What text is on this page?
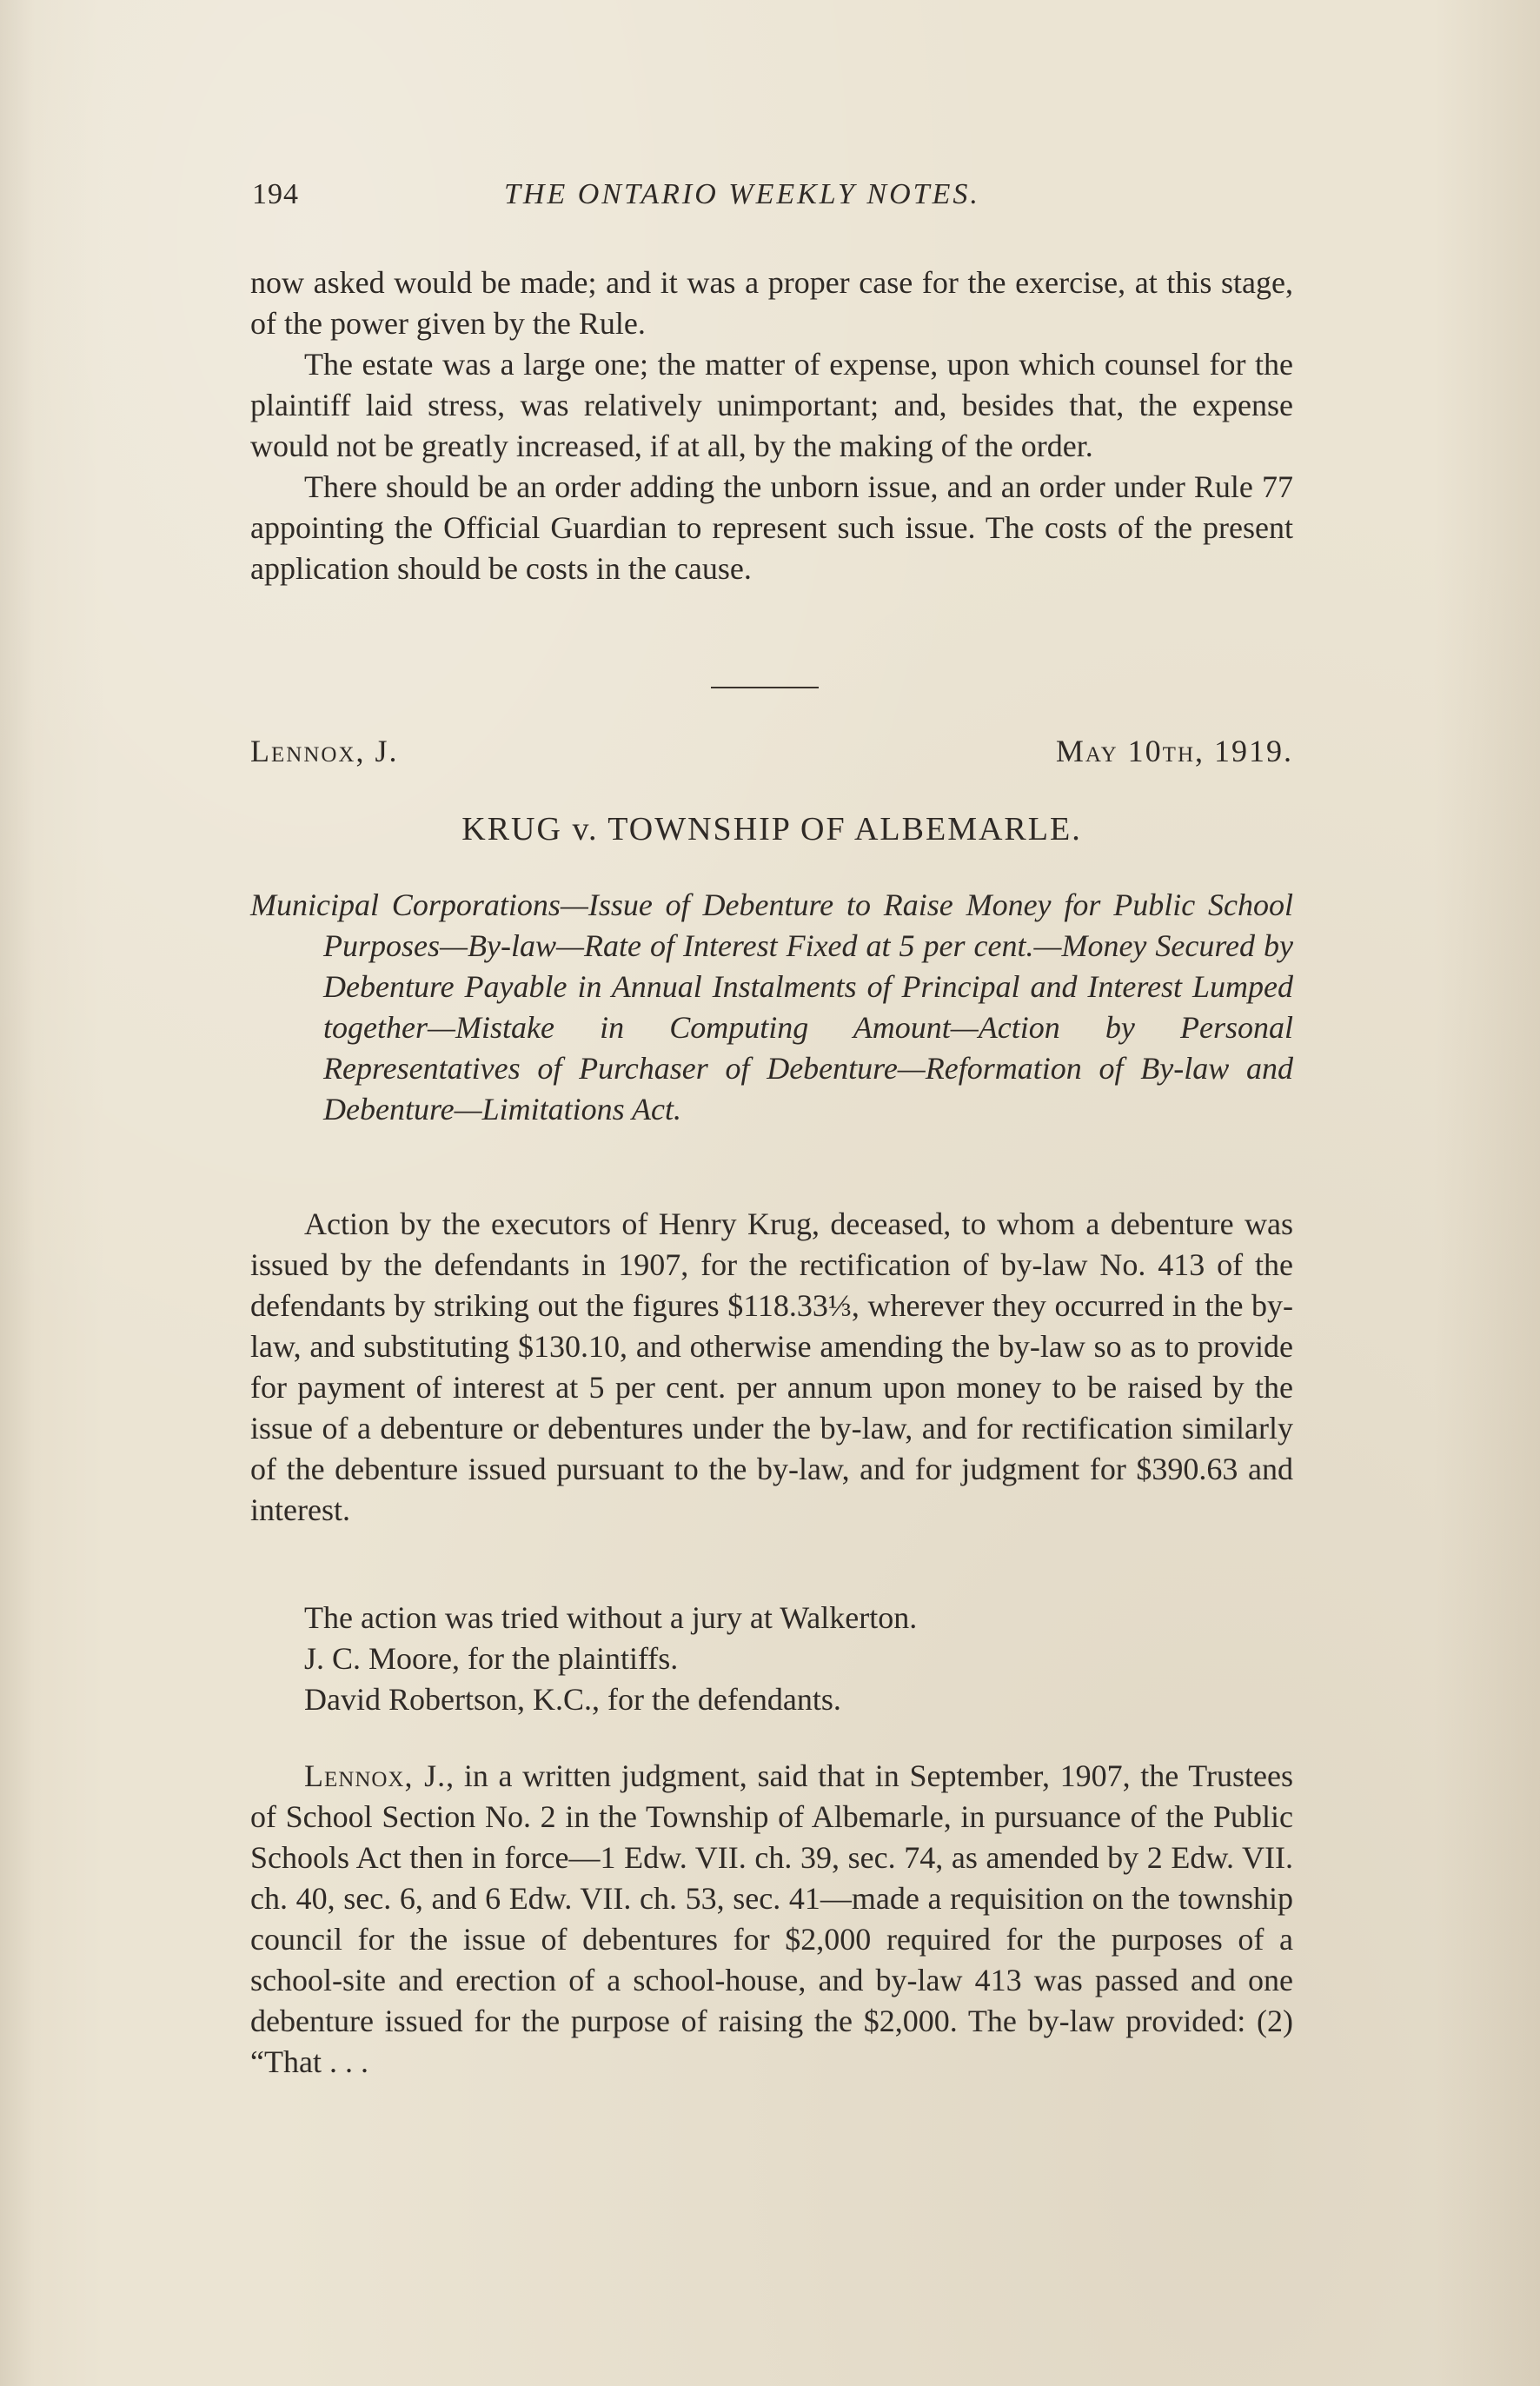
194	THE ONTARIO WEEKLY NOTES.

now asked would be made; and it was a proper case for the exercise, at this stage, of the power given by the Rule.

The estate was a large one; the matter of expense, upon which counsel for the plaintiff laid stress, was relatively unimportant; and, besides that, the expense would not be greatly increased, if at all, by the making of the order.

There should be an order adding the unborn issue, and an order under Rule 77 appointing the Official Guardian to represent such issue. The costs of the present application should be costs in the cause.

Lennox, J.	May 10th, 1919.
KRUG v. TOWNSHIP OF ALBEMARLE.
Municipal Corporations—Issue of Debenture to Raise Money for Public School Purposes—By-law—Rate of Interest Fixed at 5 per cent.—Money Secured by Debenture Payable in Annual Instalments of Principal and Interest Lumped together—Mistake in Computing Amount—Action by Personal Representatives of Purchaser of Debenture—Reformation of By-law and Debenture—Limitations Act.

Action by the executors of Henry Krug, deceased, to whom a debenture was issued by the defendants in 1907, for the rectification of by-law No. 413 of the defendants by striking out the figures $118.33⅓, wherever they occurred in the by-law, and substituting $130.10, and otherwise amending the by-law so as to provide for payment of interest at 5 per cent. per annum upon money to be raised by the issue of a debenture or debentures under the by-law, and for rectification similarly of the debenture issued pursuant to the by-law, and for judgment for $390.63 and interest.

The action was tried without a jury at Walkerton.

J. C. Moore, for the plaintiffs.

David Robertson, K.C., for the defendants.

Lennox, J., in a written judgment, said that in September, 1907, the Trustees of School Section No. 2 in the Township of Albemarle, in pursuance of the Public Schools Act then in force—1 Edw. VII. ch. 39, sec. 74, as amended by 2 Edw. VII. ch. 40, sec. 6, and 6 Edw. VII. ch. 53, sec. 41—made a requisition on the township council for the issue of debentures for $2,000 required for the purposes of a school-site and erection of a school-house, and by-law 413 was passed and one debenture issued for the purpose of raising the $2,000. The by-law provided: (2) “That . . .
